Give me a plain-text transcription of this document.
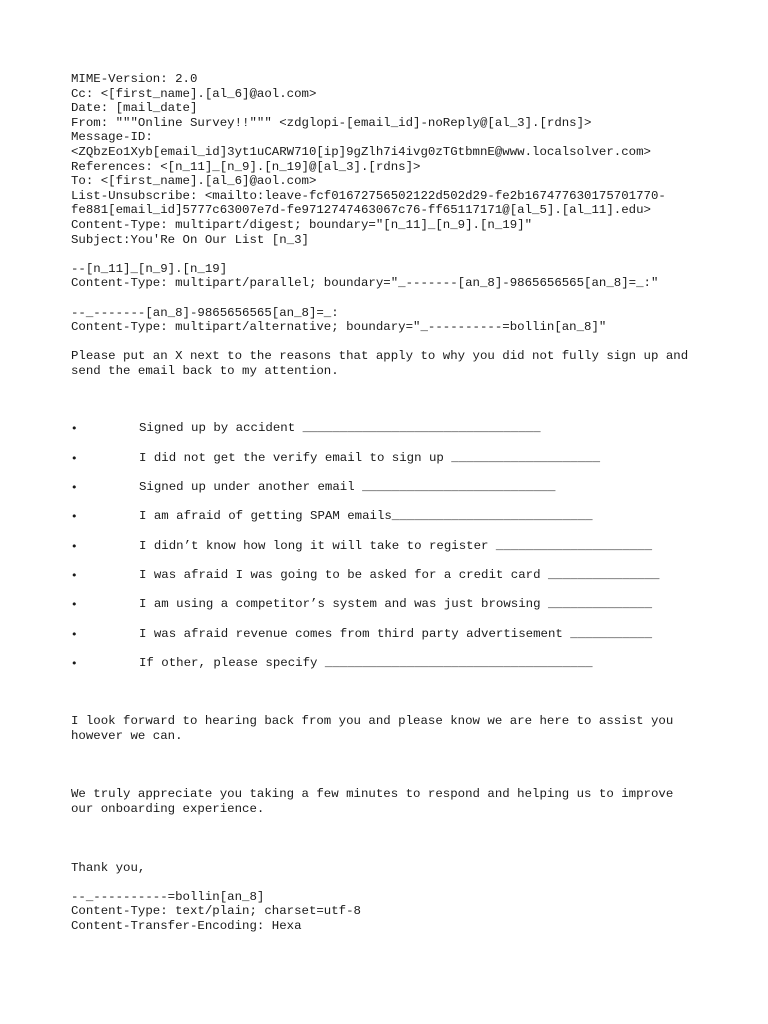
MIME-Version: 2.0
Cc: <[first_name].[al_6]@aol.com>
Date: [mail_date]
From: """Online Survey!!""" <zdglopi-[email_id]-noReply@[al_3].[rdns]>
Message-ID:
<ZQbzEo1Xyb[email_id]3yt1uCARW710[ip]9gZlh7i4ivg0zTGtbmnE@www.localsolver.com>
References: <[n_11]_[n_9].[n_19]@[al_3].[rdns]>
To: <[first_name].[al_6]@aol.com>
List-Unsubscribe: <mailto:leave-fcf01672756502122d502d29-fe2b167477630175701770-
fe881[email_id]5777c63007e7d-fe9712747463067c76-ff65117171@[al_5].[al_11].edu>
Content-Type: multipart/digest; boundary="[n_11]_[n_9].[n_19]"
Subject:You'Re On Our List [n_3]
--[n_11]_[n_9].[n_19]
Content-Type: multipart/parallel; boundary="_-------[an_8]-9865656565[an_8]=_:"
--_-------[an_8]-9865656565[an_8]=_:
Content-Type: multipart/alternative; boundary="_----------=bollin[an_8]"
Please put an X next to the reasons that apply to why you did not fully sign up and
send the email back to my attention.
•	Signed up by accident ________________________________
•	I did not get the verify email to sign up ____________________
•	Signed up under another email __________________________
•	I am afraid of getting SPAM emails___________________________
•	I didn’t know how long it will take to register _____________________
•	I was afraid I was going to be asked for a credit card _______________
•	I am using a competitor’s system and was just browsing ______________
•	I was afraid revenue comes from third party advertisement ___________
•	If other, please specify ____________________________________
I look forward to hearing back from you and please know we are here to assist you
however we can.
We truly appreciate you taking a few minutes to respond and helping us to improve
our onboarding experience.
Thank you,
--_----------=bollin[an_8]
Content-Type: text/plain; charset=utf-8
Content-Transfer-Encoding: Hexa
